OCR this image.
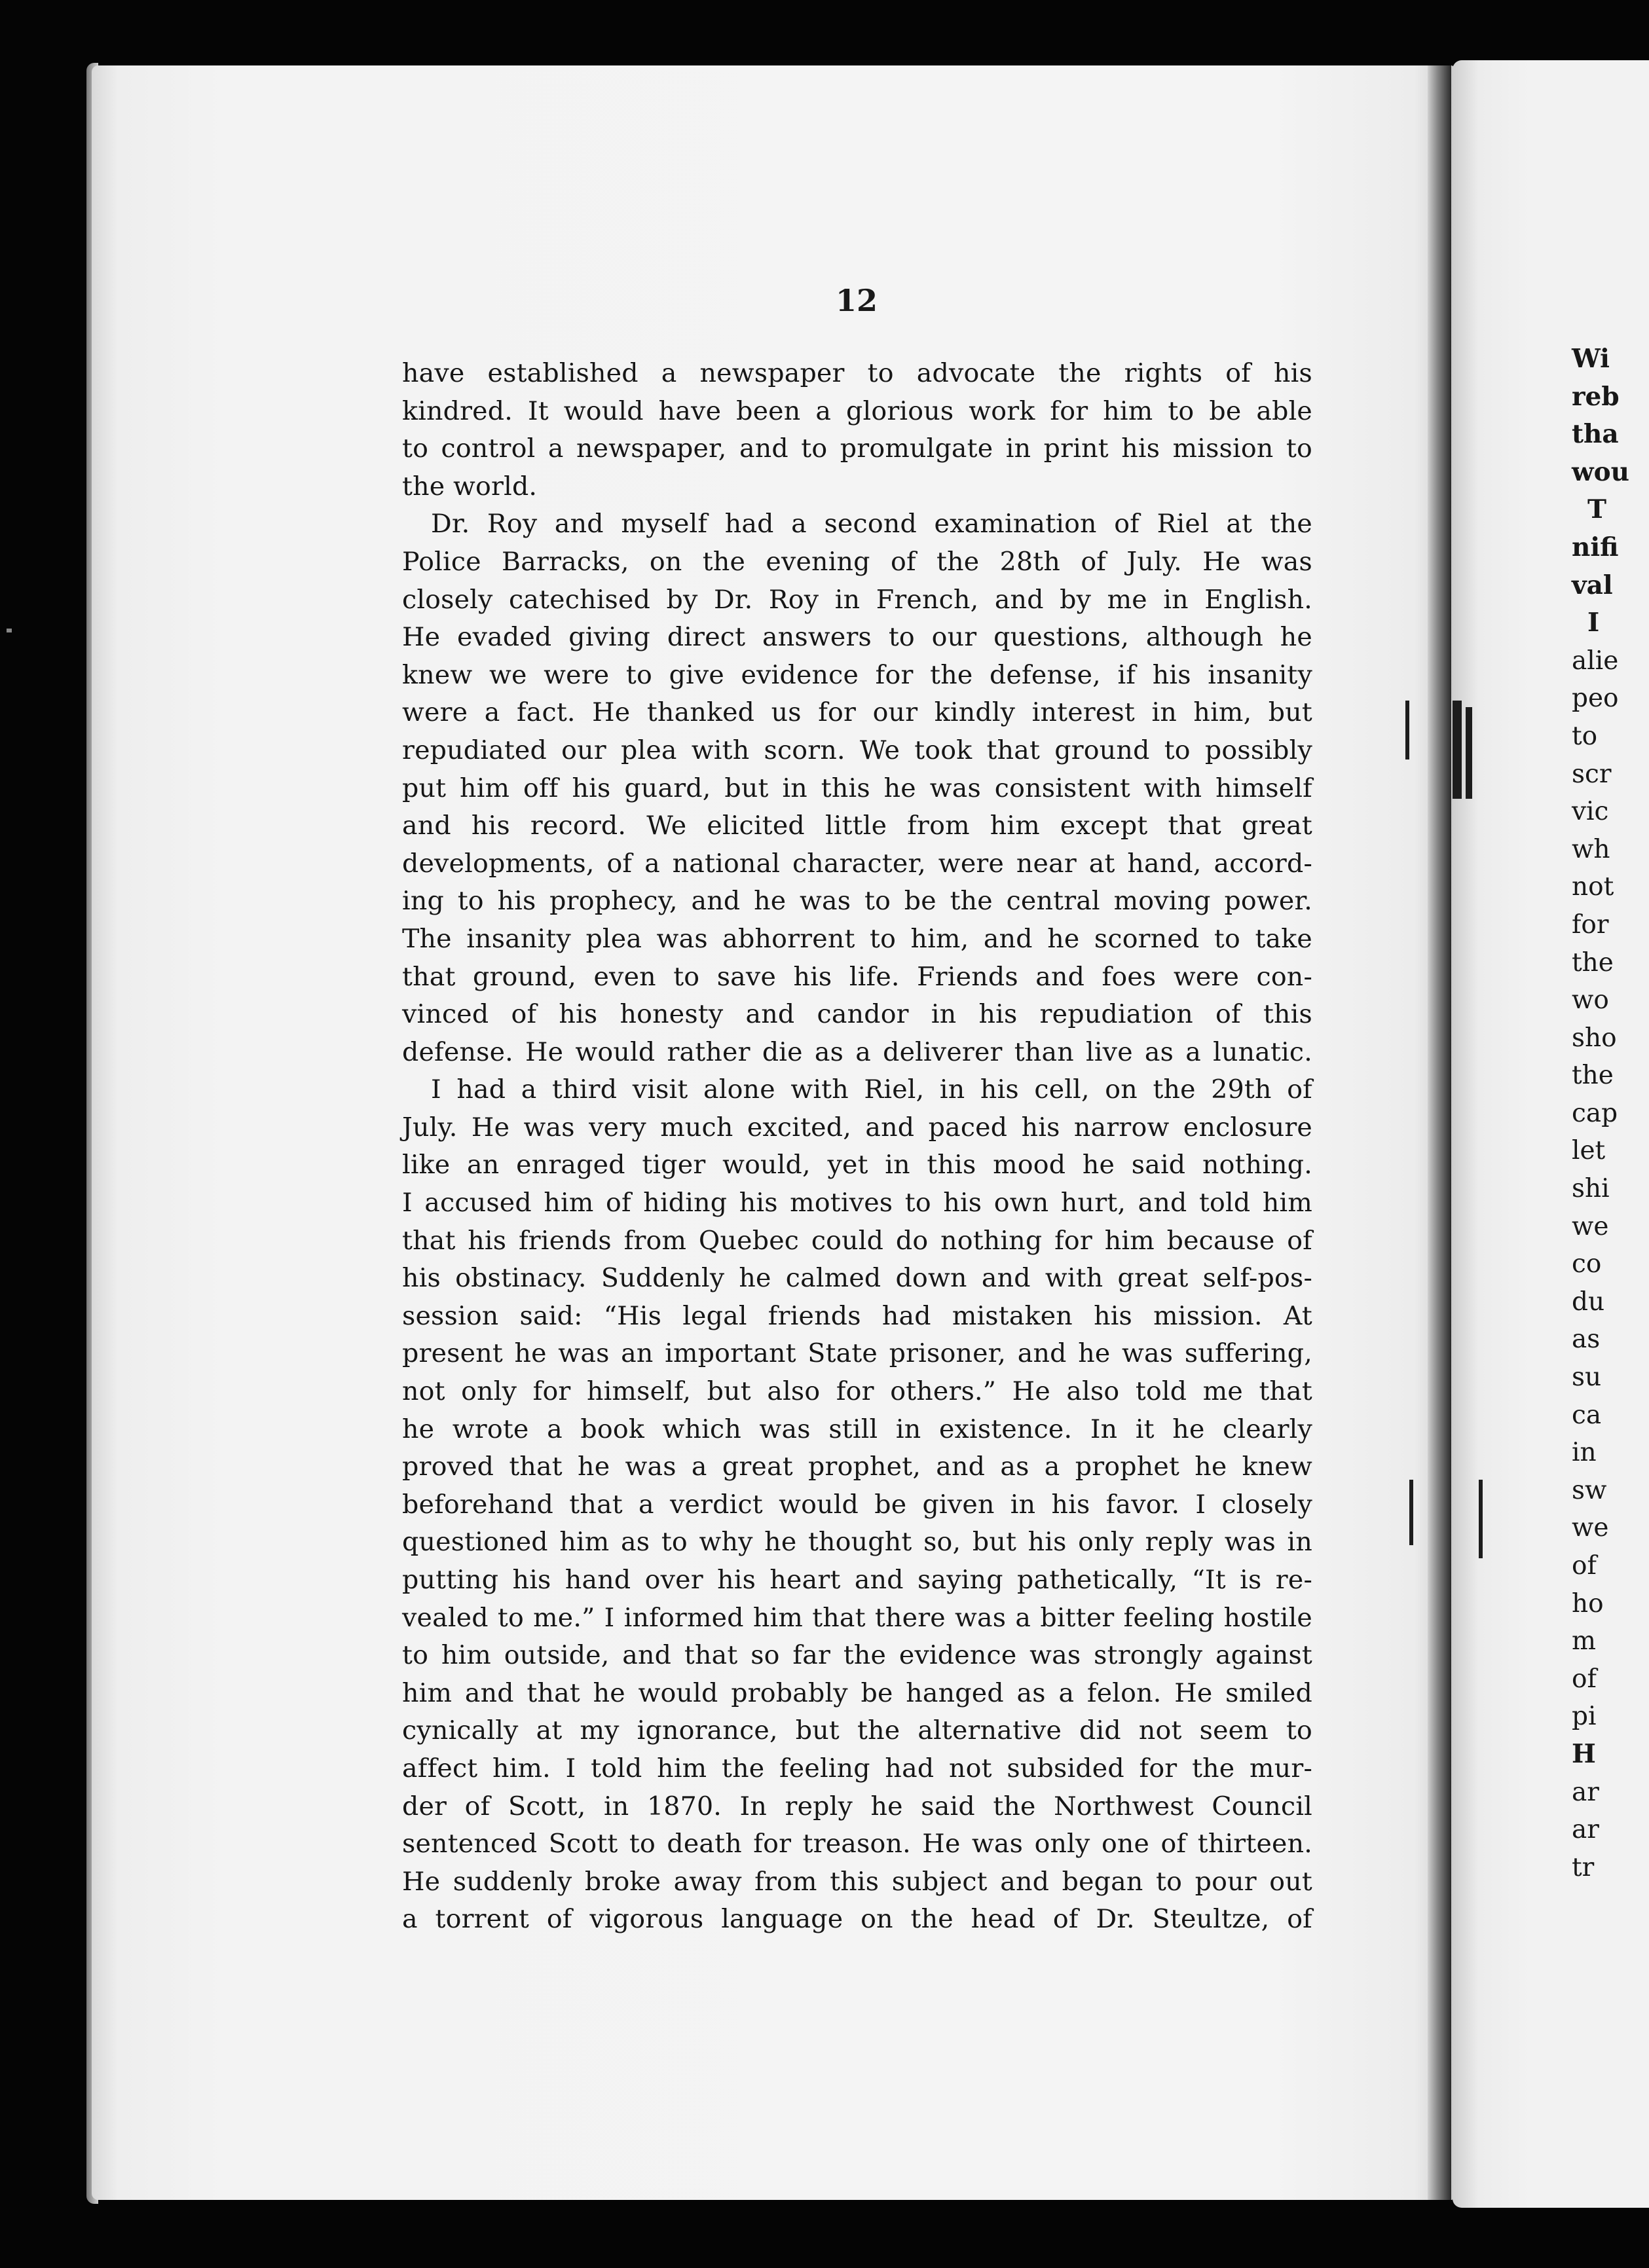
12
have established a newspaper to advocate the rights of his
kindred. It would have been a glorious work for him to be able
to control a newspaper, and to promulgate in print his mission to
the world.
Dr. Roy and myself had a second examination of Riel at the
Police Barracks, on the evening of the 28th of July. He was
closely catechised by Dr. Roy in French, and by me in English.
He evaded giving direct answers to our questions, although he
knew we were to give evidence for the defense, if his insanity
were a fact. He thanked us for our kindly interest in him, but
repudiated our plea with scorn. We took that ground to possibly
put him off his guard, but in this he was consistent with himself
and his record. We elicited little from him except that great
developments, of a national character, were near at hand, accord-
ing to his prophecy, and he was to be the central moving power.
The insanity plea was abhorrent to him, and he scorned to take
that ground, even to save his life. Friends and foes were con-
vinced of his honesty and candor in his repudiation of this
defense. He would rather die as a deliverer than live as a lunatic.
I had a third visit alone with Riel, in his cell, on the 29th of
July. He was very much excited, and paced his narrow enclosure
like an enraged tiger would, yet in this mood he said nothing.
I accused him of hiding his motives to his own hurt, and told him
that his friends from Quebec could do nothing for him because of
his obstinacy. Suddenly he calmed down and with great self-pos-
session said: “His legal friends had mistaken his mission. At
present he was an important State prisoner, and he was suffering,
not only for himself, but also for others.” He also told me that
he wrote a book which was still in existence. In it he clearly
proved that he was a great prophet, and as a prophet he knew
beforehand that a verdict would be given in his favor. I closely
questioned him as to why he thought so, but his only reply was in
putting his hand over his heart and saying pathetically, “It is re-
vealed to me.” I informed him that there was a bitter feeling hostile
to him outside, and that so far the evidence was strongly against
him and that he would probably be hanged as a felon. He smiled
cynically at my ignorance, but the alternative did not seem to
affect him. I told him the feeling had not subsided for the mur-
der of Scott, in 1870. In reply he said the Northwest Council
sentenced Scott to death for treason. He was only one of thirteen.
He suddenly broke away from this subject and began to pour out
a torrent of vigorous language on the head of Dr. Steultze, of
Wi
reb
tha
wou
T
nifi
val
I
alie
peo
to
scr
vic
wh
not
for
the
wo
sho
the
cap
let
shi
we
co
du
as
su
ca
in
sw
we
of
ho
m
of
pi
H
ar
ar
tr
